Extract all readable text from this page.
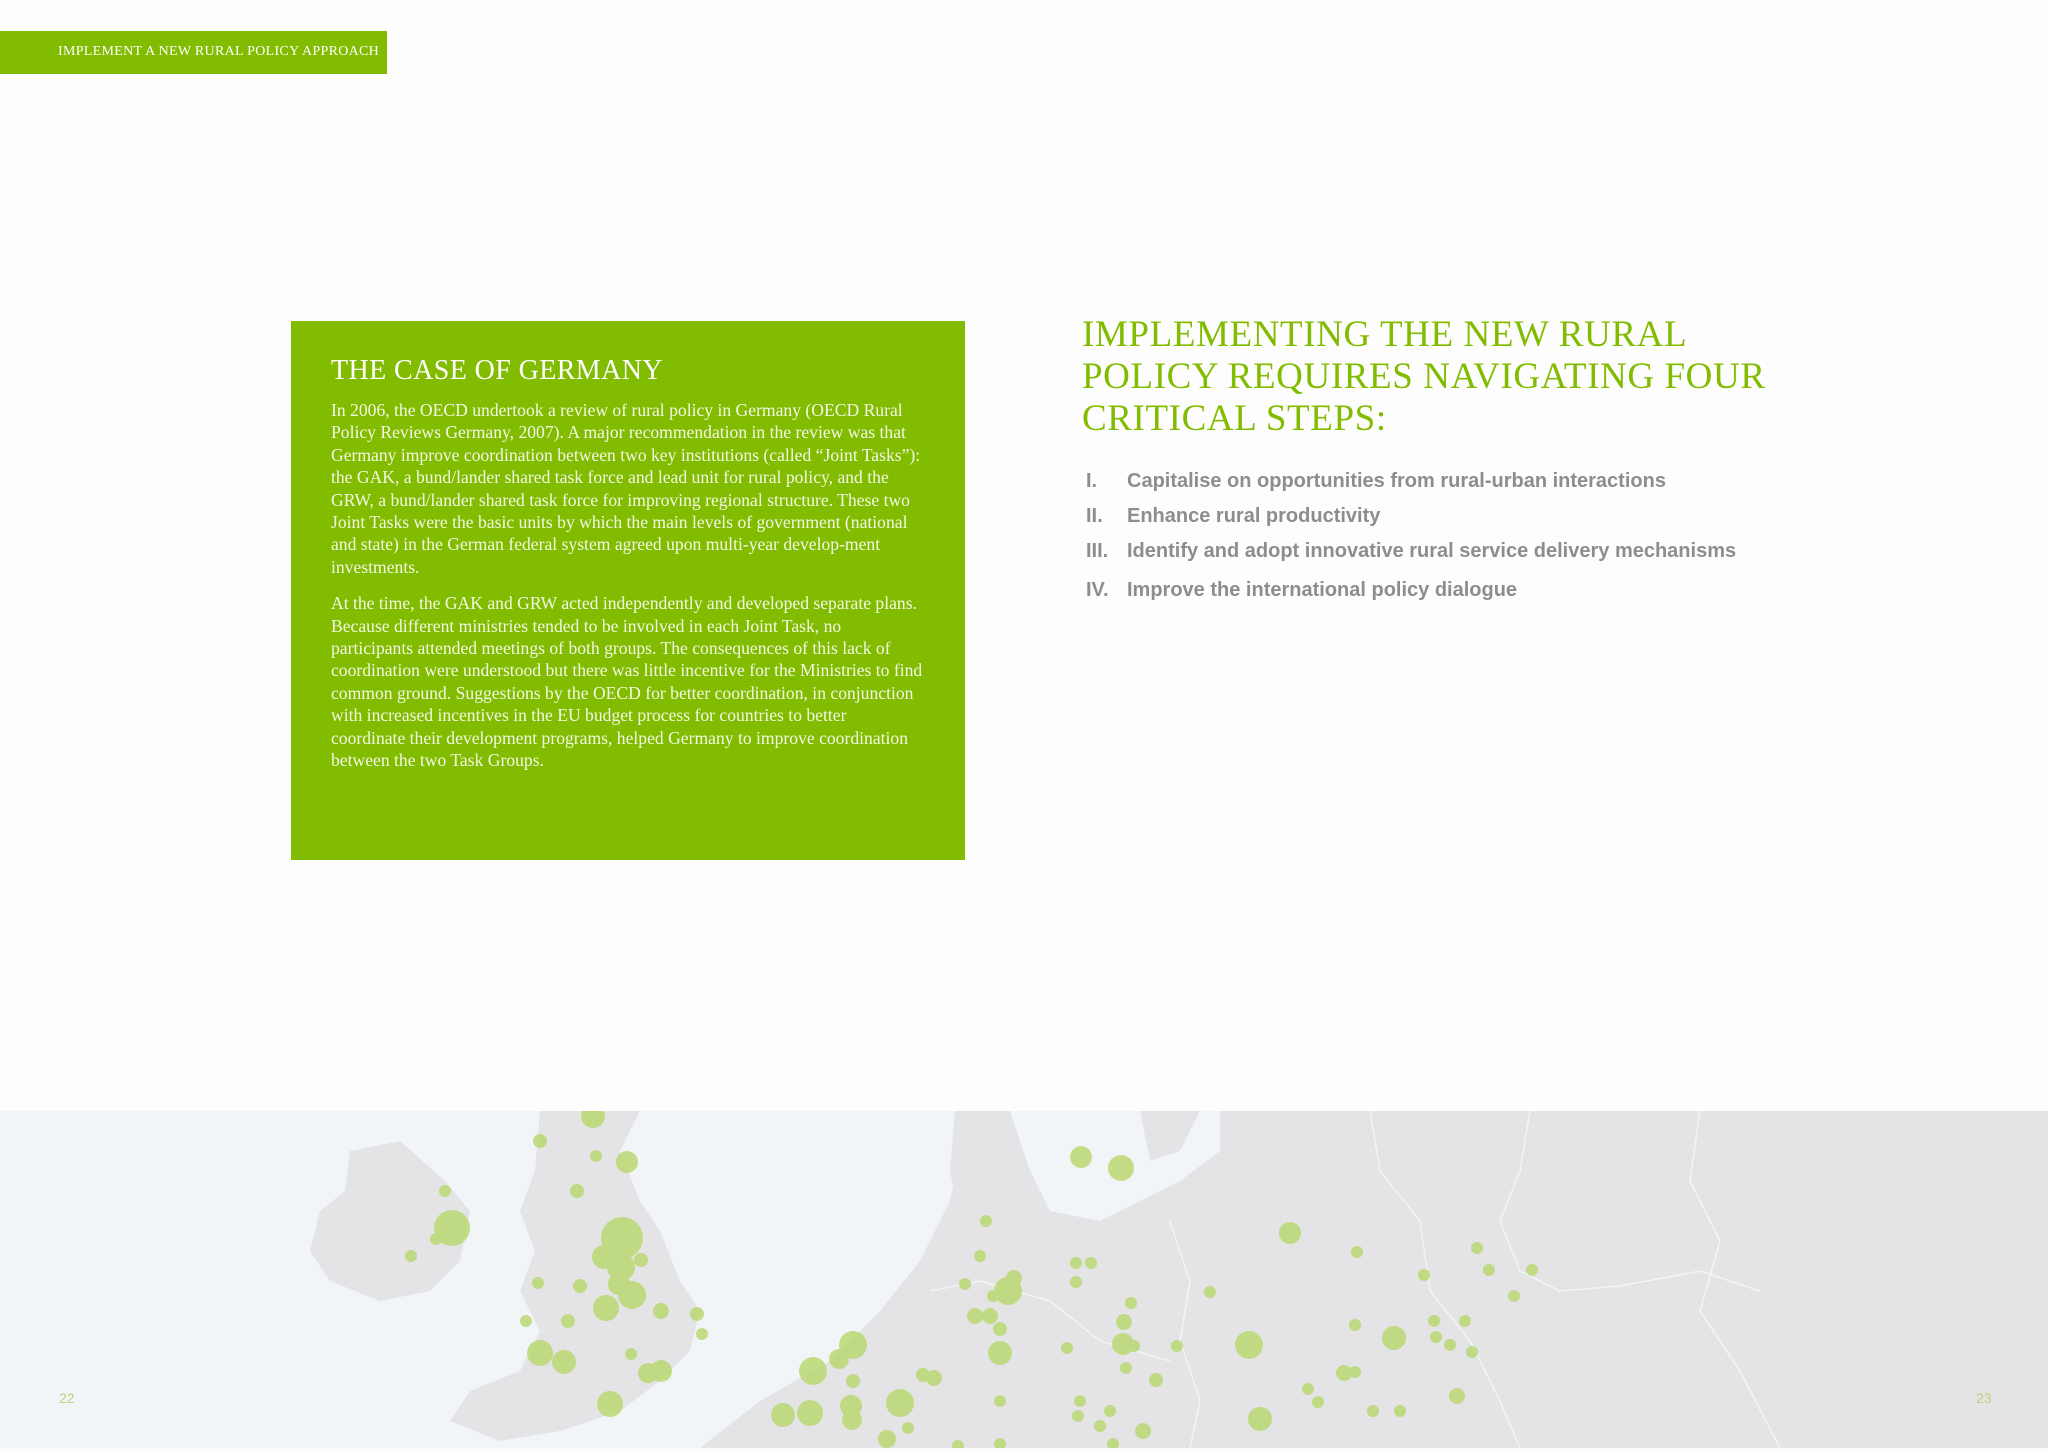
IMPLEMENT A NEW RURAL POLICY APPROACH
THE CASE OF GERMANY

In 2006, the OECD undertook a review of rural policy in Germany (OECD Rural Policy Reviews Germany, 2007). A major recommendation in the review was that Germany improve coordination between two key institutions (called “Joint Tasks”): the GAK, a bund/lander shared task force and lead unit for rural policy, and the GRW, a bund/lander shared task force for improving regional structure. These two Joint Tasks were the basic units by which the main levels of government (national and state) in the German federal system agreed upon multi-year develop-ment investments.

At the time, the GAK and GRW acted independently and developed separate plans. Because different ministries tended to be involved in each Joint Task, no participants attended meetings of both groups. The consequences of this lack of coordination were understood but there was little incentive for the Ministries to find common ground. Suggestions by the OECD for better coordination, in conjunction with increased incentives in the EU budget process for countries to better coordinate their development programs, helped Germany to improve coordination between the two Task Groups.

IMPLEMENTING THE NEW RURAL POLICY REQUIRES NAVIGATING FOUR CRITICAL STEPS:
I.	Capitalise on opportunities from rural-urban interactions
II.	Enhance rural productivity
III. Identify and adopt innovative rural service delivery mechanisms
IV. Improve the international policy dialogue
22	23
